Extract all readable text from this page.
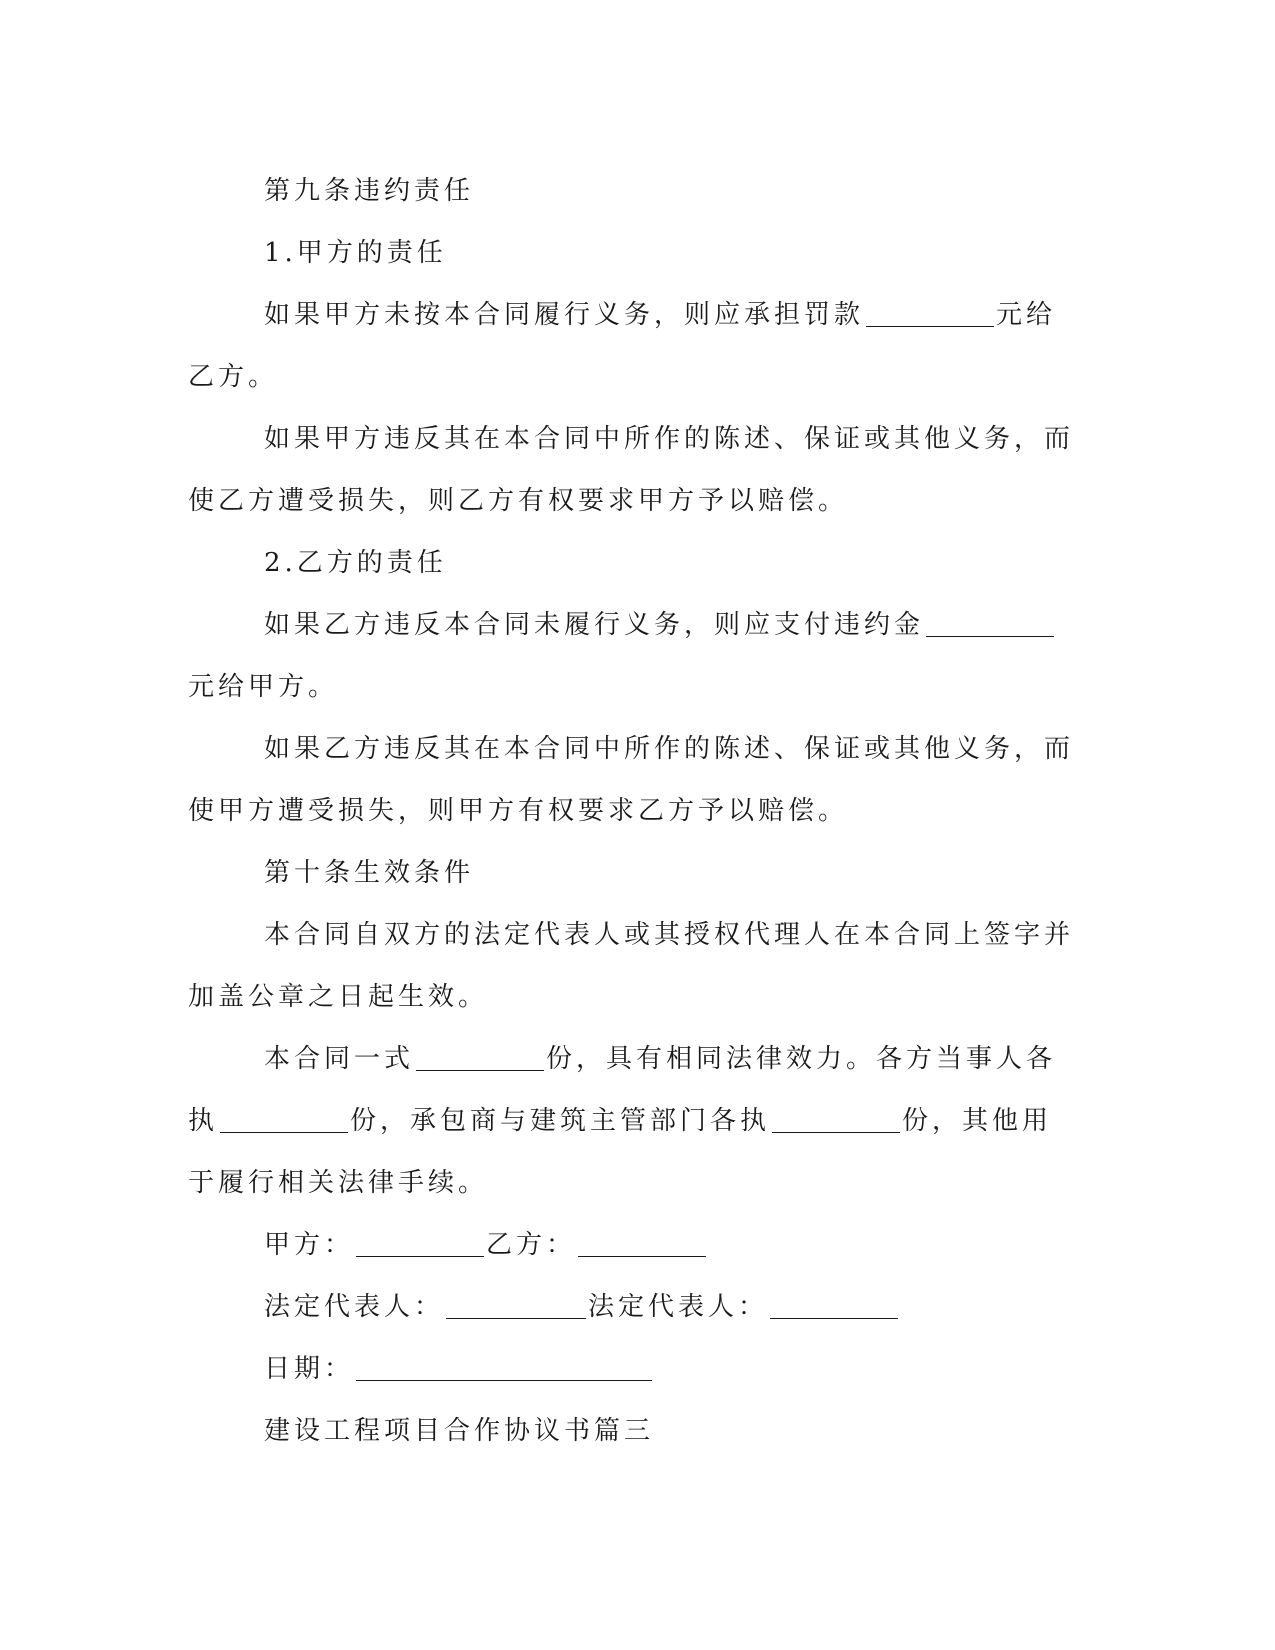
第九条违约责任

1.甲方的责任

如果甲方未按本合同履行义务，则应承担罚款	元给乙方。

如果甲方违反其在本合同中所作的陈述、保证或其他义务，而使乙方遭受损失，则乙方有权要求甲方予以赔偿。

2.乙方的责任

如果乙方违反本合同未履行义务，则应支付违约金元给甲方。

如果乙方违反其在本合同中所作的陈述、保证或其他义务，而使甲方遭受损失，则甲方有权要求乙方予以赔偿。

第十条生效条件

本合同自双方的法定代表人或其授权代理人在本合同上签字并加盖公章之日起生效。

本合同一式	份，具有相同法律效力。各方当事人各执	份，承包商与建筑主管部门各执	份，其他用于履行相关法律手续。

甲方：	乙方：

法定代表人：	法定代表人：

日期：

建设工程项目合作协议书篇三
